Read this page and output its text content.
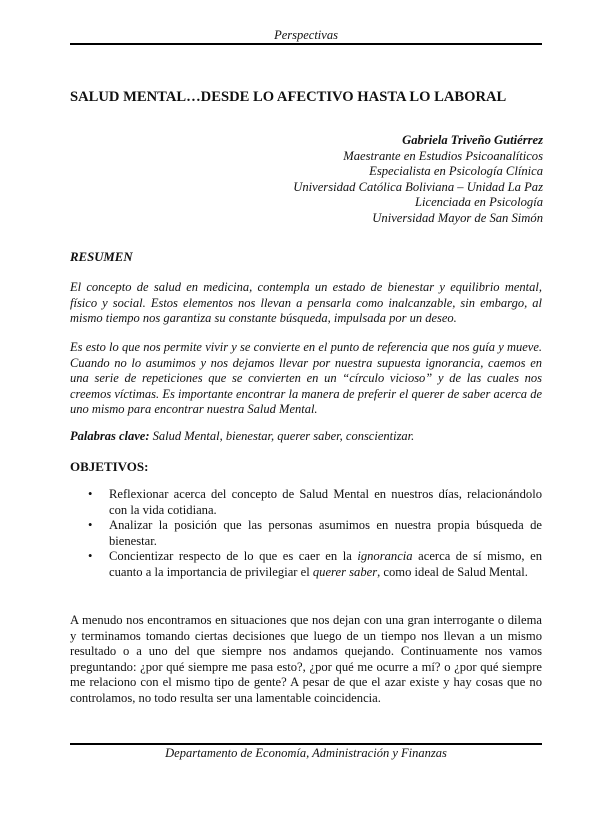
Perspectivas
SALUD MENTAL…DESDE LO AFECTIVO HASTA LO LABORAL
Gabriela Triveño Gutiérrez
Maestrante en Estudios Psicoanalíticos
Especialista en Psicología Clínica
Universidad Católica Boliviana – Unidad La Paz
Licenciada en Psicología
Universidad Mayor de San Simón
RESUMEN
El concepto de salud en medicina, contempla un estado de bienestar y equilibrio mental, físico y social. Estos elementos nos llevan a pensarla como inalcanzable, sin embargo, al mismo tiempo nos garantiza su constante búsqueda, impulsada por un deseo.
Es esto lo que nos permite vivir y se convierte en el punto de referencia que nos guía y mueve. Cuando no lo asumimos y nos dejamos llevar por nuestra supuesta ignorancia, caemos en una serie de repeticiones que se convierten en un “círculo vicioso” y de las cuales nos creemos víctimas. Es importante encontrar la manera de preferir el querer de saber acerca de uno mismo para encontrar nuestra Salud Mental.
Palabras clave: Salud Mental, bienestar, querer saber, conscientizar.
OBJETIVOS:
• Reflexionar acerca del concepto de Salud Mental en nuestros días, relacionándolo con la vida cotidiana.
• Analizar la posición que las personas asumimos en nuestra propia búsqueda de bienestar.
• Concientizar respecto de lo que es caer en la ignorancia acerca de sí mismo, en cuanto a la importancia de privilegiar el querer saber, como ideal de Salud Mental.
A menudo nos encontramos en situaciones que nos dejan con una gran interrogante o dilema y terminamos tomando ciertas decisiones que luego de un tiempo nos llevan a un mismo resultado o a uno del que siempre nos andamos quejando. Continuamente nos vamos preguntando: ¿por qué siempre me pasa esto?, ¿por qué me ocurre a mí? o ¿por qué siempre me relaciono con el mismo tipo de gente? A pesar de que el azar existe y hay cosas que no controlamos, no todo resulta ser una lamentable coincidencia.
Departamento de Economía, Administración y Finanzas
